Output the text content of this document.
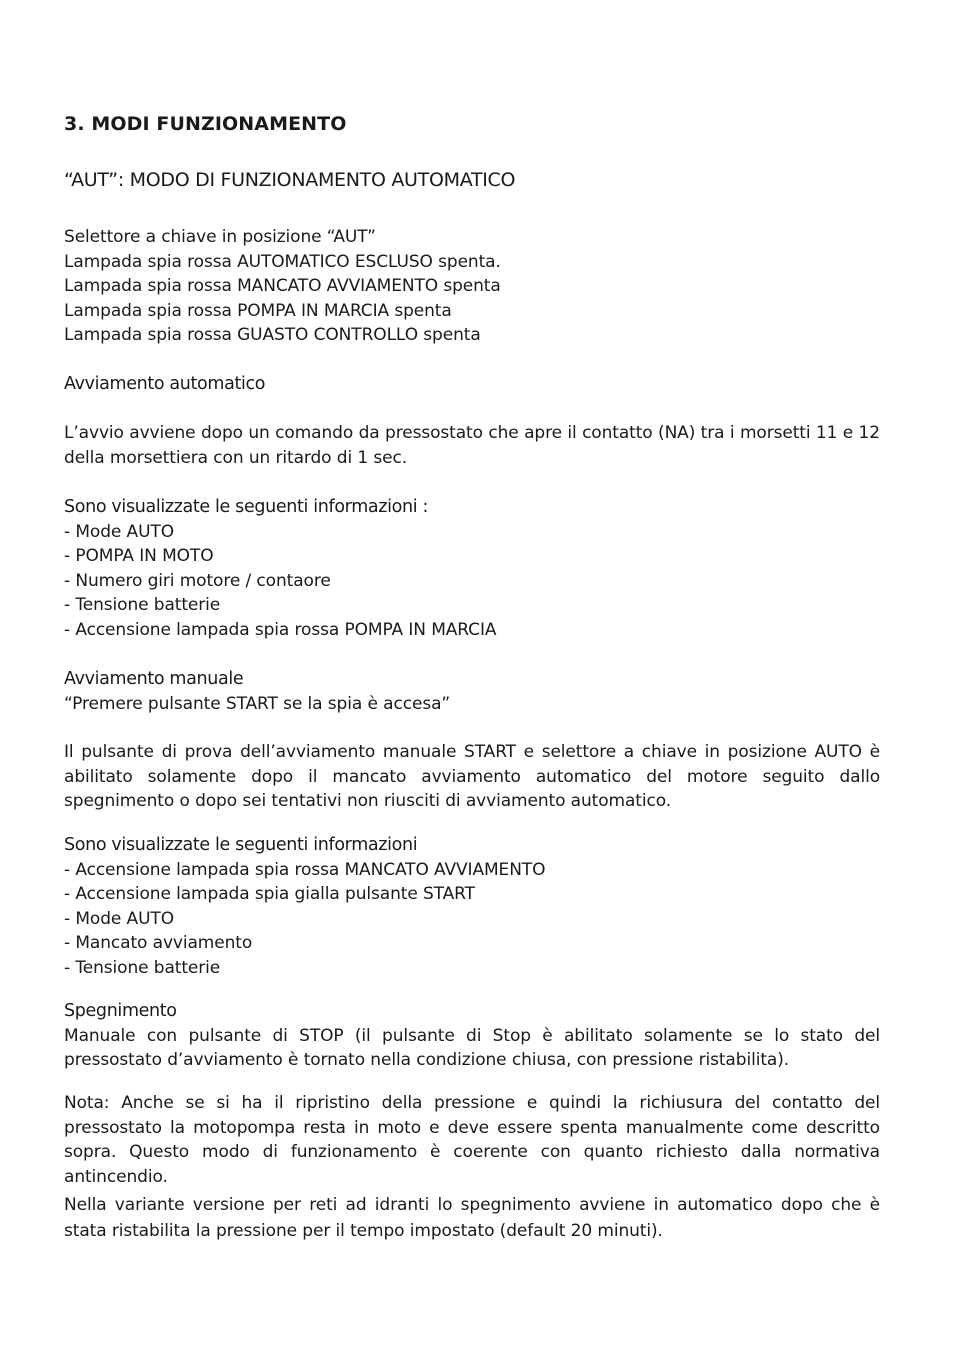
3. MODI FUNZIONAMENTO
“AUT”: MODO DI FUNZIONAMENTO AUTOMATICO
Selettore a chiave in posizione “AUT”
Lampada spia rossa AUTOMATICO ESCLUSO spenta.
Lampada spia rossa MANCATO AVVIAMENTO spenta
Lampada spia rossa POMPA IN MARCIA spenta
Lampada spia rossa GUASTO CONTROLLO spenta
Avviamento automatico
L’avvio avviene dopo un comando da pressostato che apre il contatto (NA) tra i morsetti 11 e 12 della morsettiera con un ritardo di 1 sec.
Sono visualizzate le seguenti informazioni :
- Mode AUTO
- POMPA IN MOTO
- Numero giri motore / contaore
- Tensione batterie
- Accensione lampada spia rossa POMPA IN MARCIA
Avviamento manuale
“Premere pulsante START se la spia è accesa”
Il pulsante di prova dell’avviamento manuale START e selettore a chiave in posizione AUTO è abilitato solamente dopo il mancato avviamento automatico del motore seguito dallo spegnimento o dopo sei tentativi non riusciti di avviamento automatico.
Sono visualizzate le seguenti informazioni
- Accensione lampada spia rossa MANCATO AVVIAMENTO
- Accensione lampada spia gialla pulsante START
- Mode AUTO
- Mancato avviamento
- Tensione batterie
Spegnimento
Manuale con pulsante di STOP (il pulsante di Stop è abilitato solamente se lo stato del pressostato d’avviamento è tornato nella condizione chiusa, con pressione ristabilita).
Nota: Anche se si ha il ripristino della pressione e quindi la richiusura del contatto del pressostato la motopompa resta in moto e deve essere spenta manualmente come descritto sopra. Questo modo di funzionamento è coerente con quanto richiesto dalla normativa antincendio.
Nella variante versione per reti ad idranti lo spegnimento avviene in automatico dopo che è stata ristabilita la pressione per il tempo impostato (default 20 minuti).
